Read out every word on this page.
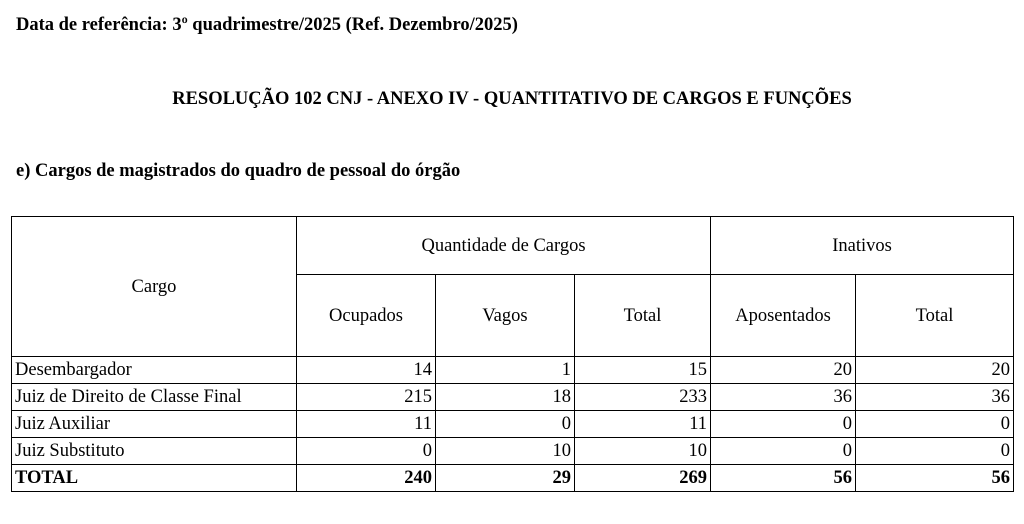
Data de referência: 3º quadrimestre/2025 (Ref. Dezembro/2025)
RESOLUÇÃO 102 CNJ - ANEXO IV - QUANTITATIVO DE CARGOS E FUNÇÕES
e) Cargos de magistrados do quadro de pessoal do órgão
Cargo	Quantidade de Cargos			Inativos	
	Ocupados	Vagos	Total	Aposentados	Total
Desembargador	14	1	15	20	20
Juiz de Direito de Classe Final	215	18	233	36	36
Juiz Auxiliar	11	0	11	0	0
Juiz Substituto	0	10	10	0	0
TOTAL	240	29	269	56	56
